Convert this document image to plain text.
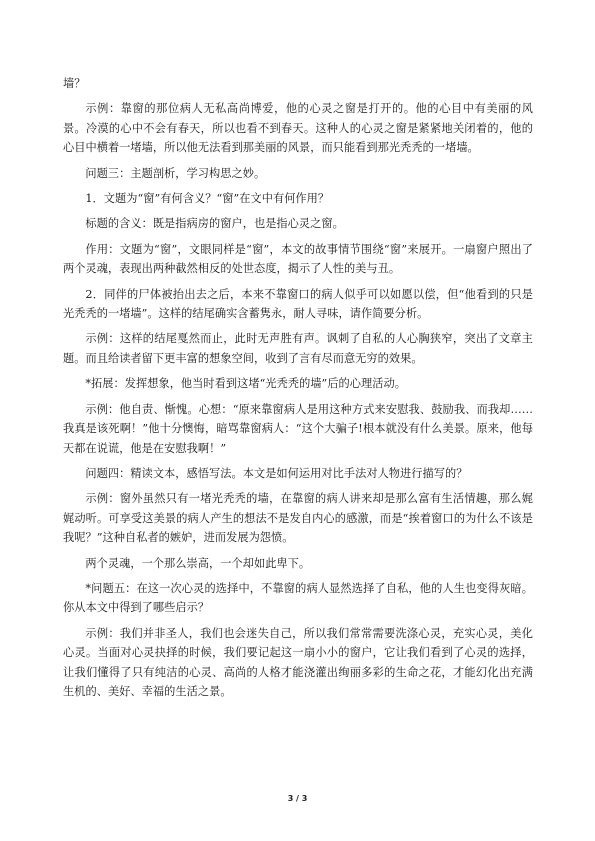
墙？

示例：靠窗的那位病人无私高尚博爱，他的心灵之窗是打开的。他的心目中有美丽的风景。冷漠的心中不会有春天，所以也看不到春天。这种人的心灵之窗是紧紧地关闭着的，他的心目中横着一堵墙，所以他无法看到那美丽的风景，而只能看到那光秃秃的一堵墙。

问题三：主题剖析，学习构思之妙。

1．文题为“窗”有何含义？“窗”在文中有何作用？

标题的含义：既是指病房的窗户，也是指心灵之窗。

作用：文题为“窗”，文眼同样是“窗”，本文的故事情节围绕“窗”来展开。一扇窗户照出了两个灵魂，表现出两种截然相反的处世态度，揭示了人性的美与丑。

2．同伴的尸体被抬出去之后，本来不靠窗口的病人似乎可以如愿以偿，但“他看到的只是光秃秃的一堵墙”。这样的结尾确实含蓄隽永，耐人寻味，请作简要分析。

示例：这样的结尾戛然而止，此时无声胜有声。讽刺了自私的人心胸狭窄，突出了文章主题。而且给读者留下更丰富的想象空间，收到了言有尽而意无穷的效果。

*拓展：发挥想象，他当时看到这堵“光秃秃的墙”后的心理活动。

示例：他自责、惭愧。心想：“原来靠窗病人是用这种方式来安慰我、鼓励我、而我却……我真是该死啊！”他十分懊悔，暗骂靠窗病人：“这个大骗子!根本就没有什么美景。原来，他每天都在说谎，他是在安慰我啊！”

问题四：精读文本，感悟写法。本文是如何运用对比手法对人物进行描写的？

示例：窗外虽然只有一堵光秃秃的墙，在靠窗的病人讲来却是那么富有生活情趣，那么娓娓动听。可享受这美景的病人产生的想法不是发自内心的感激，而是“挨着窗口的为什么不该是我呢？”这种自私者的嫉妒，进而发展为怨愤。

两个灵魂，一个那么崇高，一个却如此卑下。

*问题五：在这一次心灵的选择中，不靠窗的病人显然选择了自私，他的人生也变得灰暗。你从本文中得到了哪些启示？

示例：我们并非圣人，我们也会迷失自己，所以我们常常需要洗涤心灵，充实心灵，美化心灵。当面对心灵抉择的时候，我们要记起这一扇小小的窗户，它让我们看到了心灵的选择，让我们懂得了只有纯洁的心灵、高尚的人格才能浇灌出绚丽多彩的生命之花，才能幻化出充满生机的、美好、幸福的生活之景。

3 / 3
